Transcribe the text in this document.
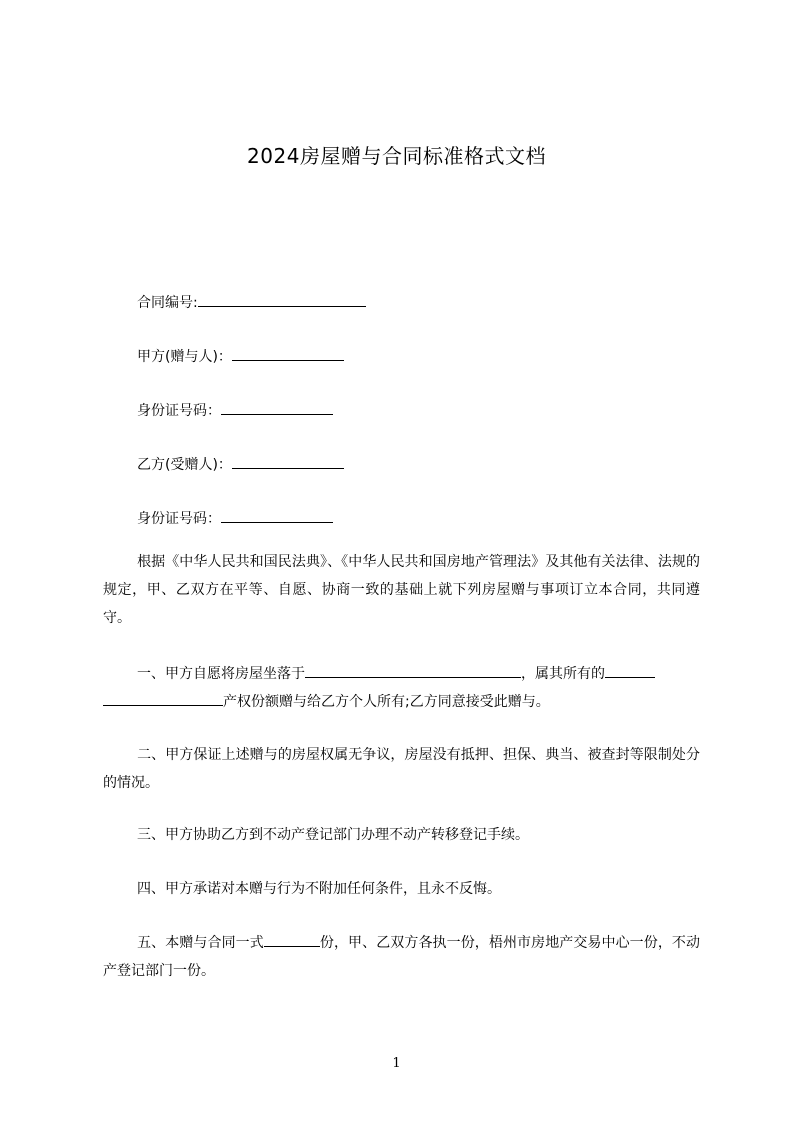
2024房屋赠与合同标准格式文档
合同编号:
甲方(赠与人)：
身份证号码：
乙方(受赠人)：
身份证号码：
根据《中华人民共和国民法典》、《中华人民共和国房地产管理法》及其他有关法律、法规的规定，甲、乙双方在平等、自愿、协商一致的基础上就下列房屋赠与事项订立本合同，共同遵守。
一、甲方自愿将房屋坐落于	，属其所有的
产权份额赠与给乙方个人所有;乙方同意接受此赠与。
二、甲方保证上述赠与的房屋权属无争议，房屋没有抵押、担保、典当、被查封等限制处分的情况。
三、甲方协助乙方到不动产登记部门办理不动产转移登记手续。
四、甲方承诺对本赠与行为不附加任何条件，且永不反悔。
五、本赠与合同一式	份，甲、乙双方各执一份，梧州市房地产交易中心一份，不动产登记部门一份。
1
